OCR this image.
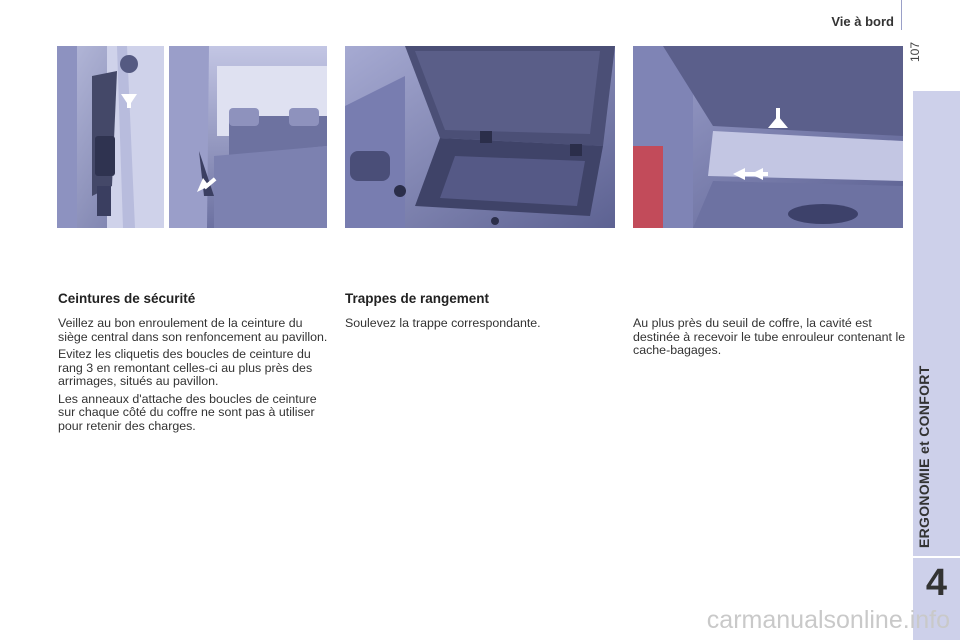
Vie à bord
107
ERGONOMIE et CONFORT
4
Ceintures de sécurité

Veillez au bon enroulement de la ceinture du siège central dans son renfoncement au pavillon.

Evitez les cliquetis des boucles de ceinture du rang 3 en remontant celles-ci au plus près des arrimages, situés au pavillon.

Les anneaux d'attache des boucles de ceinture sur chaque côté du coffre ne sont pas à utiliser pour retenir des charges.

Trappes de rangement

Soulevez la trappe correspondante.	Au plus près du seuil de coffre, la cavité est destinée à recevoir le tube enrouleur contenant le cache-bagages.

carmanualsonline.info
